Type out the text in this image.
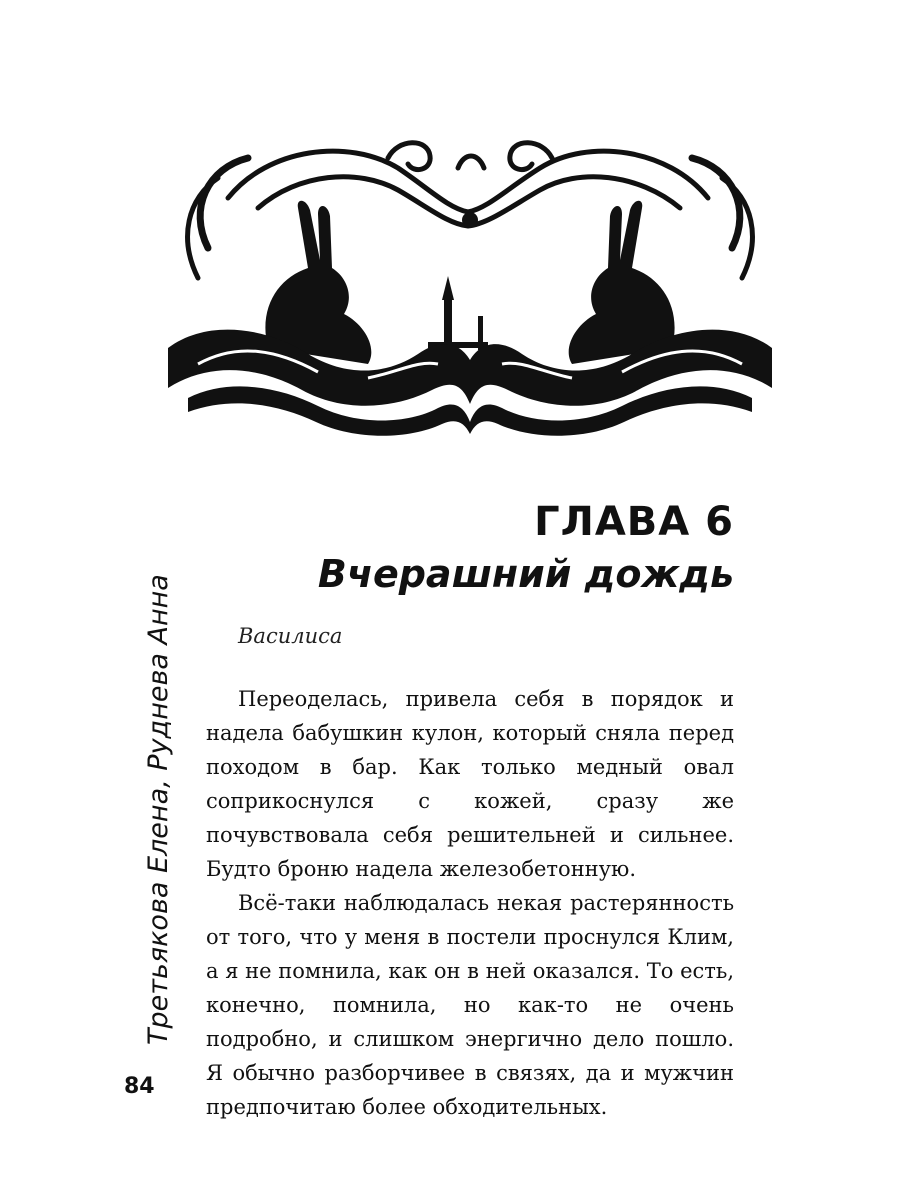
ГЛАВА 6
Вчерашний дождь
Василиса

Переоделась, привела себя в порядок и надела бабушкин кулон, который сняла перед походом в бар. Как только медный овал соприкоснулся с кожей, сразу же почувствовала себя решительней и сильнее. Будто броню надела железобетонную.

Всё-таки наблюдалась некая растерянность от того, что у меня в постели проснулся Клим, а я не помнила, как он в ней оказался. То есть, конечно, помнила, но как-то не очень подробно, и слишком энергично дело пошло. Я обычно разборчивее в связях, да и мужчин предпочитаю более обходительных.

Третьякова Елена, Руднева Анна
84
